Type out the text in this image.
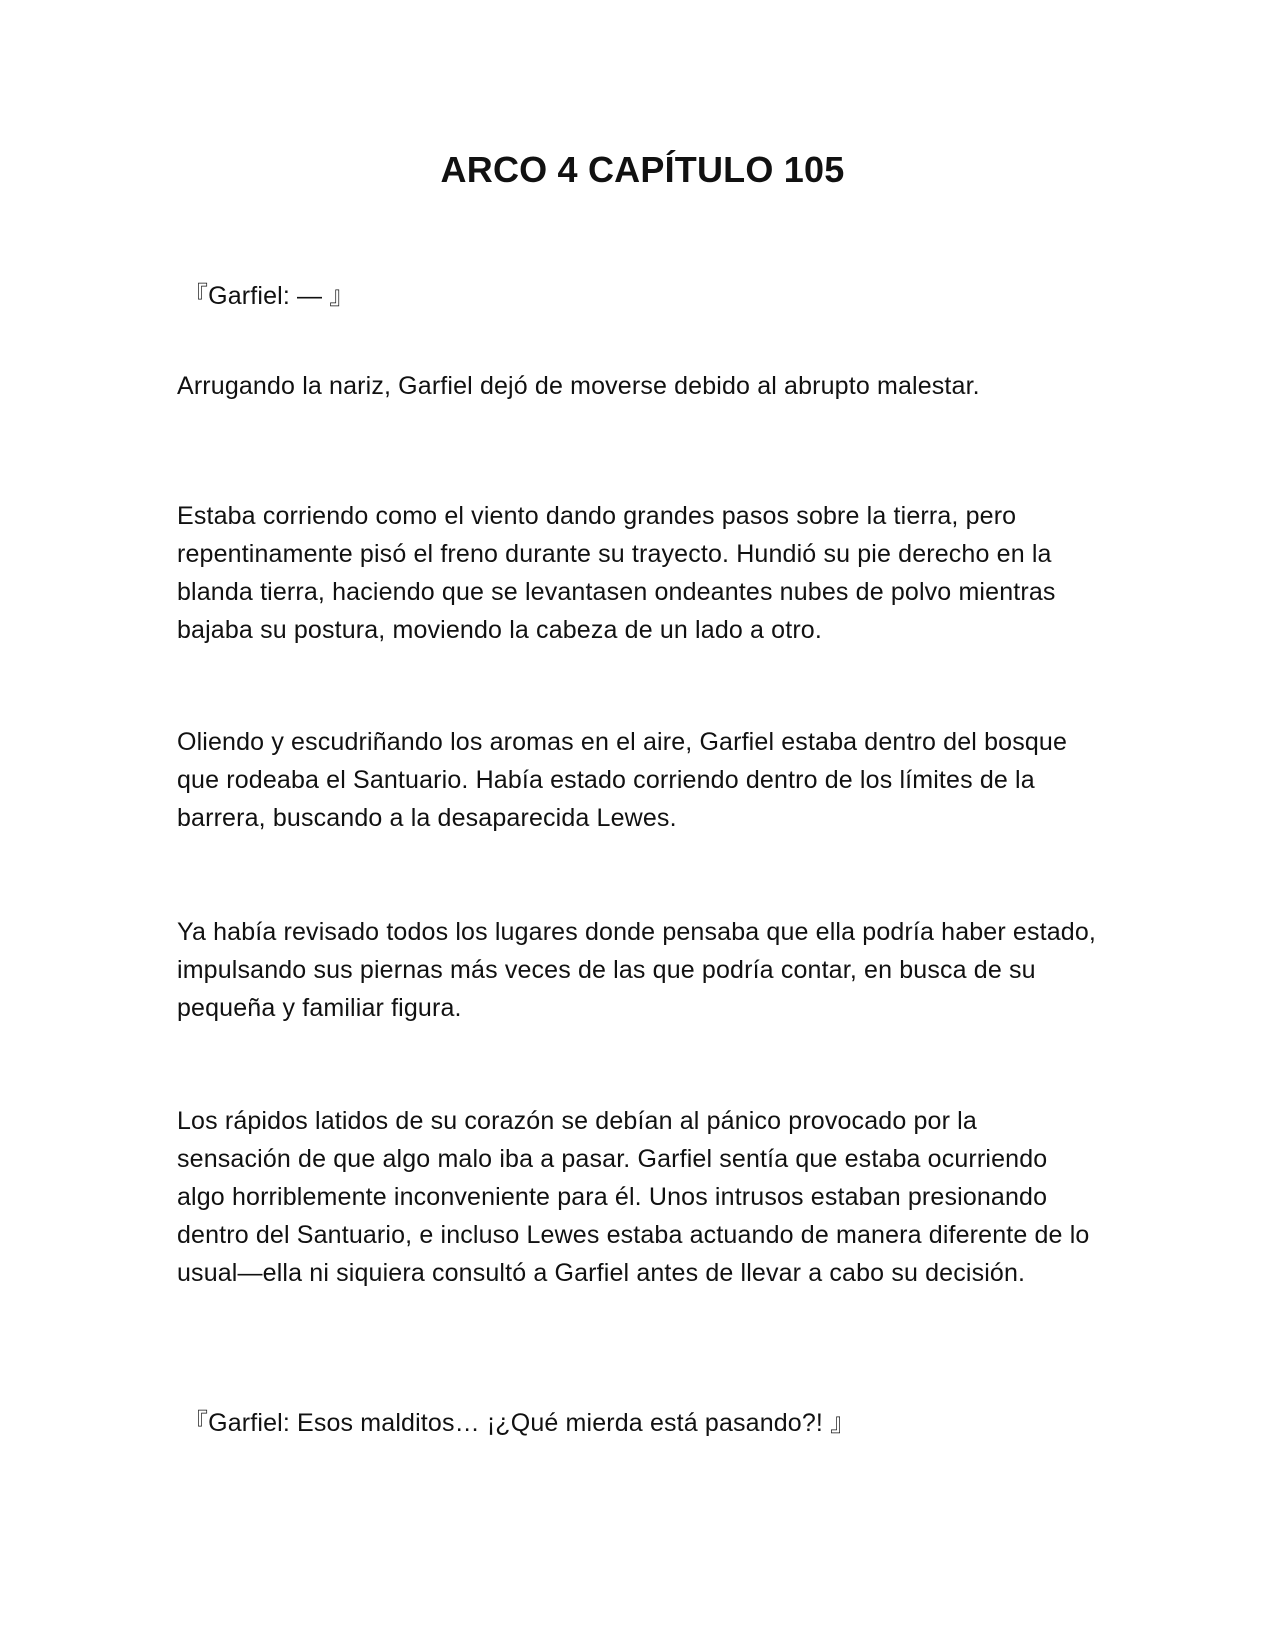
ARCO 4 CAPÍTULO 105

『Garfiel: — 』

Arrugando la nariz, Garfiel dejó de moverse debido al abrupto malestar.

Estaba corriendo como el viento dando grandes pasos sobre la tierra, pero repentinamente pisó el freno durante su trayecto. Hundió su pie derecho en la blanda tierra, haciendo que se levantasen ondeantes nubes de polvo mientras bajaba su postura, moviendo la cabeza de un lado a otro.

Oliendo y escudriñando los aromas en el aire, Garfiel estaba dentro del bosque que rodeaba el Santuario. Había estado corriendo dentro de los límites de la barrera, buscando a la desaparecida Lewes.

Ya había revisado todos los lugares donde pensaba que ella podría haber estado, impulsando sus piernas más veces de las que podría contar, en busca de su pequeña y familiar figura.

Los rápidos latidos de su corazón se debían al pánico provocado por la sensación de que algo malo iba a pasar. Garfiel sentía que estaba ocurriendo algo horriblemente inconveniente para él. Unos intrusos estaban presionando dentro del Santuario, e incluso Lewes estaba actuando de manera diferente de lo usual—ella ni siquiera consultó a Garfiel antes de llevar a cabo su decisión.

『Garfiel: Esos malditos… ¡¿Qué mierda está pasando?! 』
